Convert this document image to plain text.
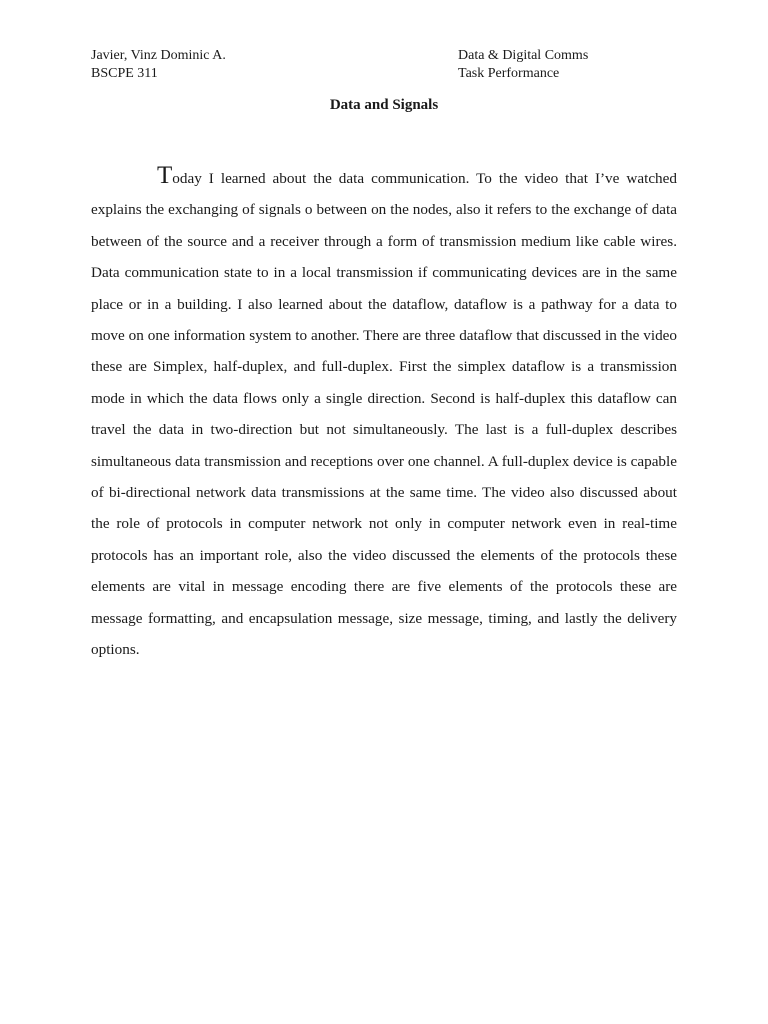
Javier, Vinz Dominic A.
BSCPE 311
Data & Digital Comms
Task Performance
Data and Signals

Today I learned about the data communication. To the video that I’ve watched explains the exchanging of signals o between on the nodes, also it refers to the exchange of data between of the source and a receiver through a form of transmission medium like cable wires. Data communication state to in a local transmission if communicating devices are in the same place or in a building. I also learned about the dataflow, dataflow is a pathway for a data to move on one information system to another. There are three dataflow that discussed in the video these are Simplex, half-duplex, and full-duplex. First the simplex dataflow is a transmission mode in which the data flows only a single direction. Second is half-duplex this dataflow can travel the data in two-direction but not simultaneously. The last is a full-duplex describes simultaneous data transmission and receptions over one channel. A full-duplex device is capable of bi-directional network data transmissions at the same time. The video also discussed about the role of protocols in computer network not only in computer network even in real-time protocols has an important role, also the video discussed the elements of the protocols these elements are vital in message encoding there are five elements of the protocols these are message formatting, and encapsulation message, size message, timing, and lastly the delivery options.
